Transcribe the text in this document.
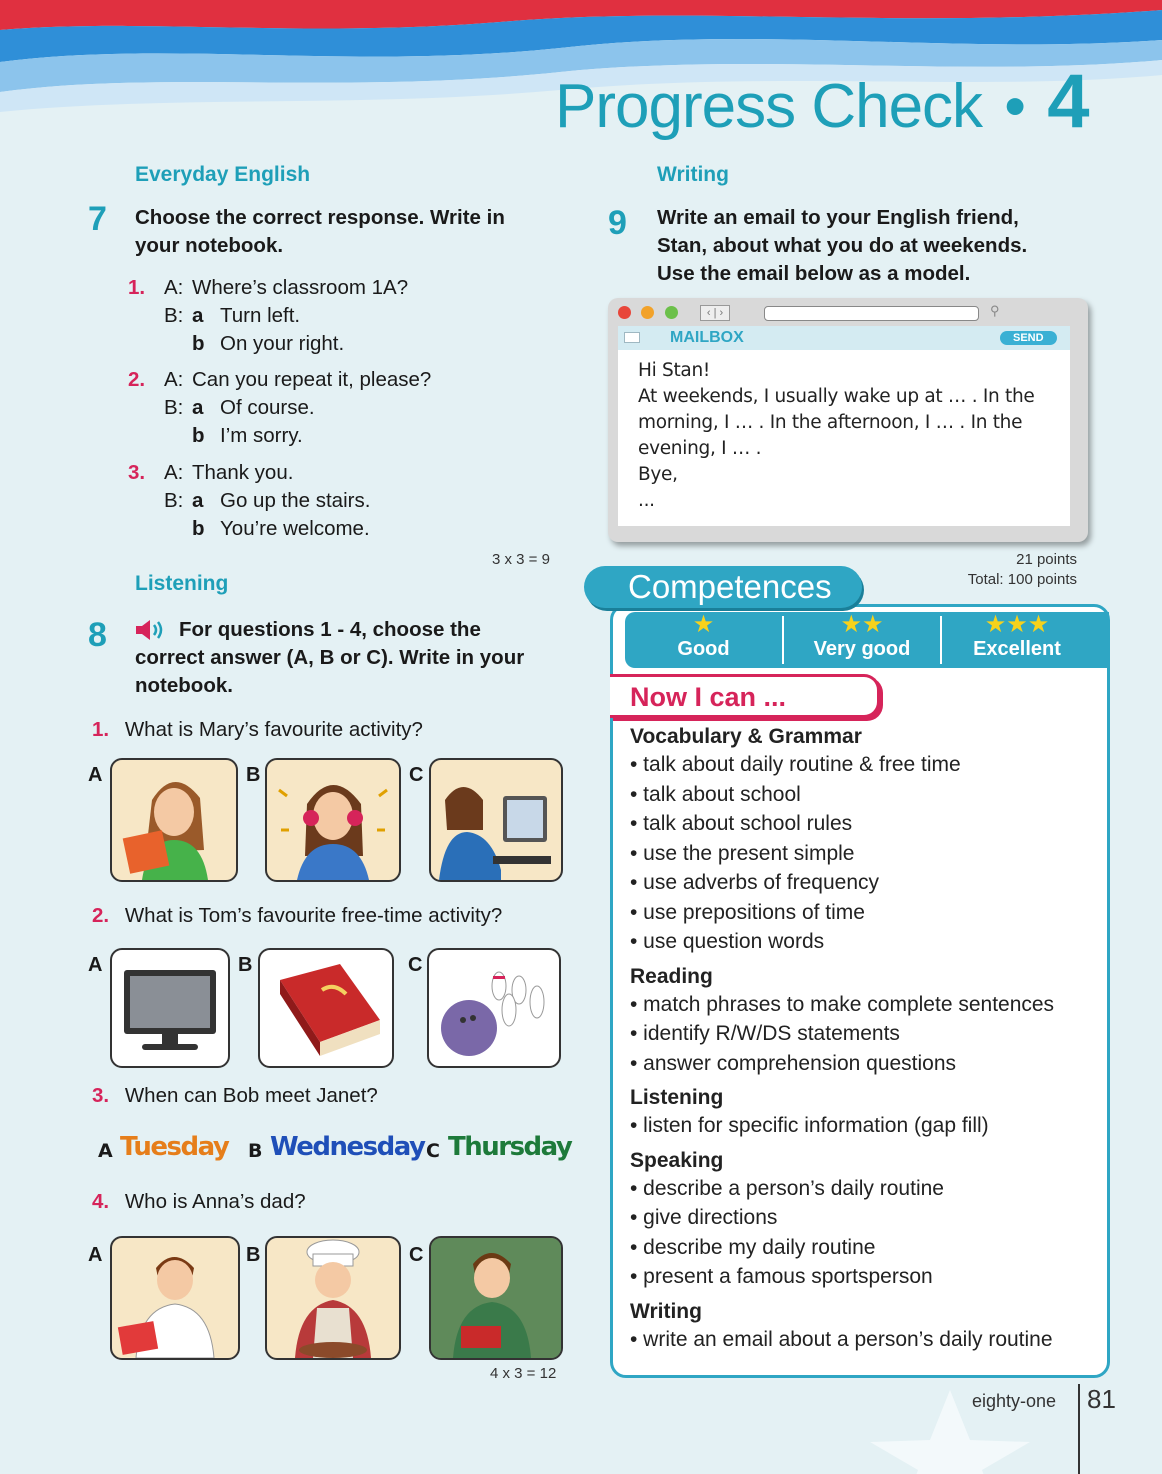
Progress Check • 4
Everyday English
7 Choose the correct response. Write in
your notebook.
1. A: Where’s classroom 1A?
B: a Turn left.
b On your right.
2. A: Can you repeat it, please?
B: a Of course.
b I’m sorry.
3. A: Thank you.
B: a Go up the stairs.
b You’re welcome.
3 x 3 = 9
Listening
8	For questions 1 - 4, choose the
correct answer (A, B or C). Write in your
notebook.
1. What is Mary’s favourite activity?
A	B	C
2. What is Tom’s favourite free-time activity?
A	B	C
3. When can Bob meet Janet?
A Tuesday B Wednesday C Thursday
4. Who is Anna’s dad?
A	B	C
4 x 3 = 12
Writing
9 Write an email to your English friend,
Stan, about what you do at weekends.
Use the email below as a model.

‹ | ›	⚲
MAILBOX	SEND
Hi Stan!
At weekends, I usually wake up at … . In the
morning, I … . In the afternoon, I … . In the
evening, I … .
Bye,
...
21 points
Total: 100 points
Competences
★
Good
★★
Very good
★★★
Excellent
Now I can ...
Vocabulary & Grammar
• talk about daily routine & free time
• talk about school
• talk about school rules
• use the present simple
• use adverbs of frequency
• use prepositions of time
• use question words
Reading
• match phrases to make complete sentences
• identify R/W/DS statements
• answer comprehension questions
Listening
• listen for specific information (gap fill)
Speaking
• describe a person’s daily routine
• give directions
• describe my daily routine
• present a famous sportsperson
Writing
• write an email about a person’s daily routine
eighty-one 81
